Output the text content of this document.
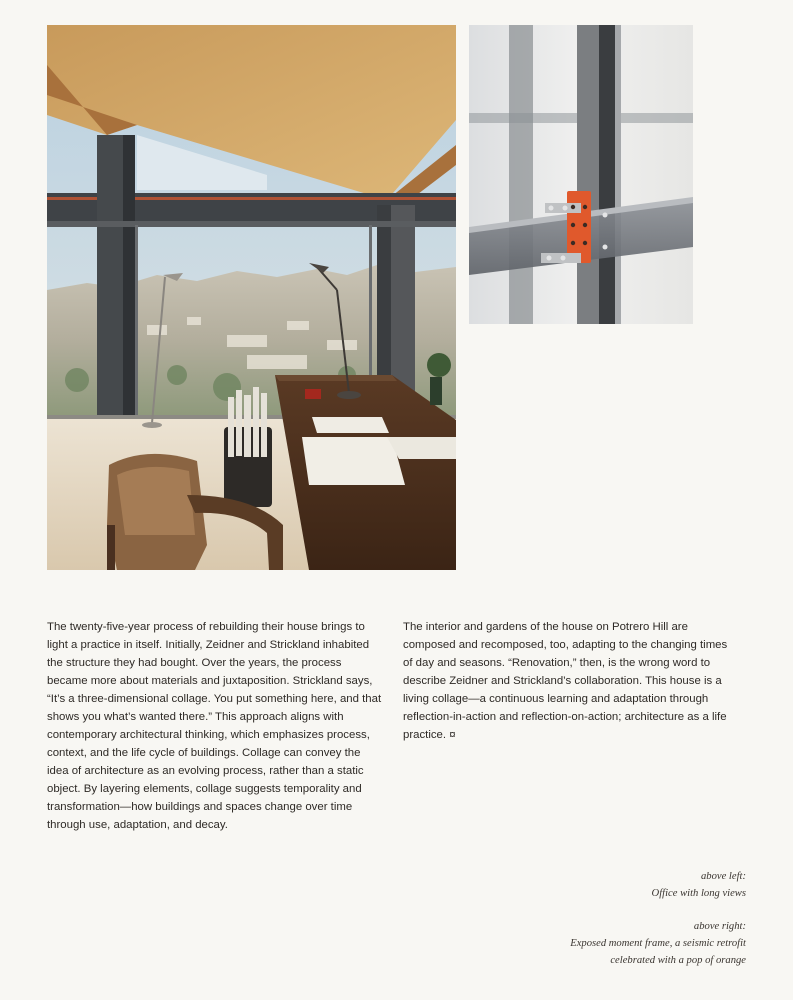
The twenty-five-year process of rebuilding their house brings to light a practice in itself. Initially, Zeidner and Strickland inhabited the structure they had bought. Over the years, the process became more about materials and juxtaposition. Strickland says, “It’s a three-dimensional collage. You put something here, and that shows you what’s wanted there.” This approach aligns with contemporary architectural thinking, which emphasizes process, context, and the life cycle of buildings. Collage can convey the idea of architecture as an evolving process, rather than a static object. By layering elements, collage suggests temporality and transformation—how buildings and spaces change over time through use, adaptation, and decay.

The interior and gardens of the house on Potrero Hill are composed and recomposed, too, adapting to the changing times of day and seasons. “Renovation,” then, is the wrong word to describe Zeidner and Strickland’s collaboration. This house is a living collage—a continuous learning and adaptation through reflection-in-action and reflection-on-action; architecture as a life practice. ¤

above left:
Office with long views
above right:
Exposed moment frame, a seismic retrofit
celebrated with a pop of orange
